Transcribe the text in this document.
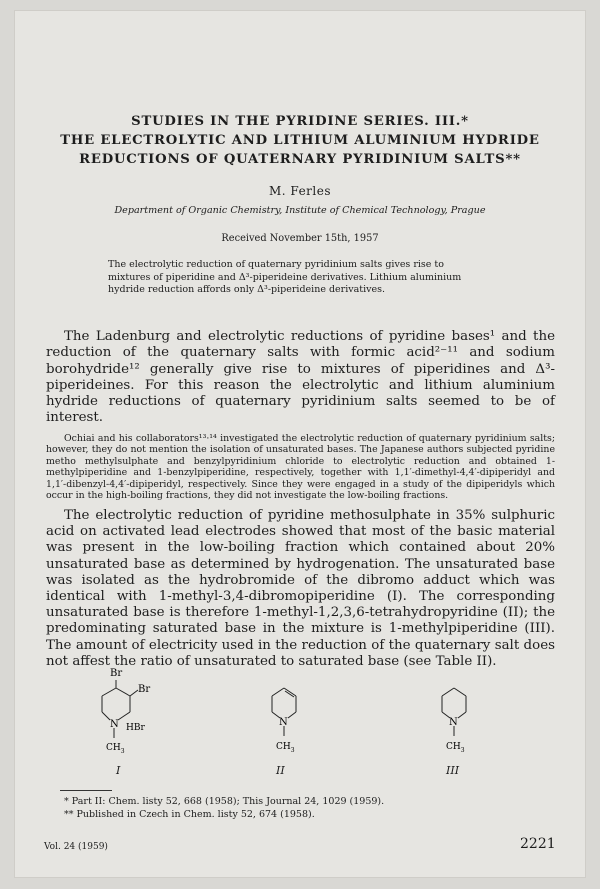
STUDIES IN THE PYRIDINE SERIES. III.*
THE ELECTROLYTIC AND LITHIUM ALUMINIUM HYDRIDE
REDUCTIONS OF QUATERNARY PYRIDINIUM SALTS**
M. Ferles
Department of Organic Chemistry, Institute of Chemical Technology, Prague
Received November 15th, 1957
The electrolytic reduction of quaternary pyridinium salts gives rise to mixtures of piperidine and Δ³-piperideine derivatives. Lithium aluminium hydride reduction affords only Δ³-piperideine derivatives.

The Ladenburg and electrolytic reductions of pyridine bases¹ and the reduction of the quaternary salts with formic acid²⁻¹¹ and sodium borohydride¹² generally give rise to mixtures of piperidines and Δ³-piperideines. For this reason the electrolytic and lithium aluminium hydride reductions of quaternary pyridinium salts seemed to be of interest.

Ochiai and his collaborators¹³·¹⁴ investigated the electrolytic reduction of quaternary pyridinium salts; however, they do not mention the isolation of unsaturated bases. The Japanese authors subjected pyridine metho methylsulphate and benzylpyridinium chloride to electrolytic reduction and obtained 1-methylpiperidine and 1-benzylpiperidine, respectively, together with 1,1′-dimethyl-4,4′-dipiperidyl and 1,1′-dibenzyl-4,4′-dipiperidyl, respectively. Since they were engaged in a study of the dipiperidyls which occur in the high-boiling fractions, they did not investigate the low-boiling fractions.

The electrolytic reduction of pyridine methosulphate in 35% sulphuric acid on activated lead electrodes showed that most of the basic material was present in the low-boiling fraction which contained about 20% unsaturated base as determined by hydrogenation. The unsaturated base was isolated as the hydrobromide of the dibromo adduct which was identical with 1-methyl-3,4-dibromopiperidine (I). The corresponding unsaturated base is therefore 1-methyl-1,2,3,6-tetrahydropyridine (II); the predominating saturated base in the mixture is 1-methylpiperidine (III). The amount of electricity used in the reduction of the quaternary salt does not affest the ratio of unsaturated to saturated base (see Table II).

Br
Br
N HBr
$CH_3$
I
N
$CH_3$
II
N
$CH_3$
III
* Part II: Chem. listy 52, 668 (1958); This Journal 24, 1029 (1959).
** Published in Czech in Chem. listy 52, 674 (1958).
Vol. 24 (1959)	2221
